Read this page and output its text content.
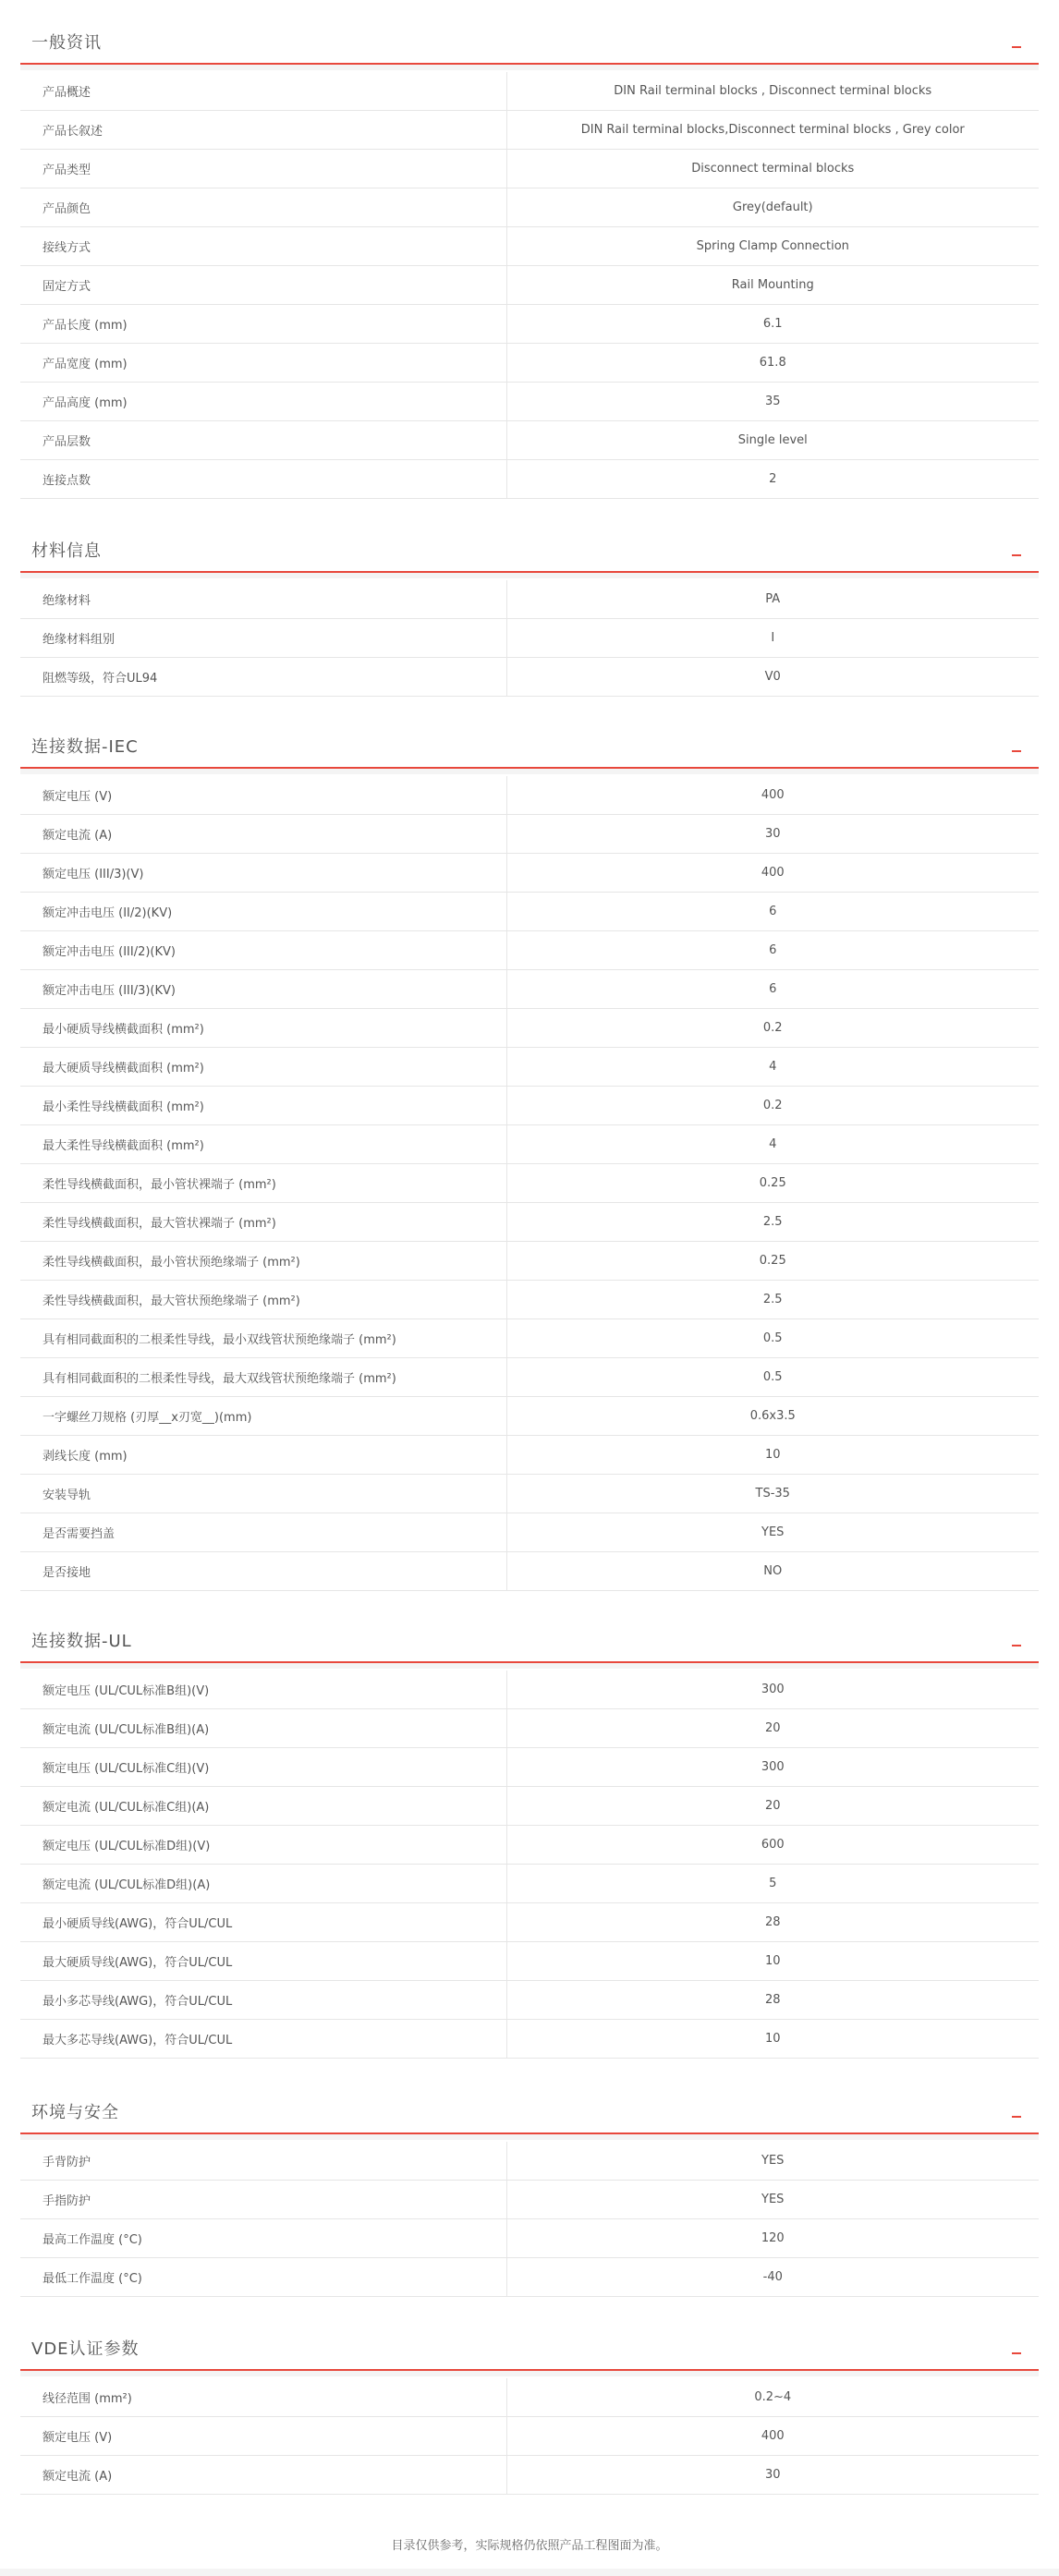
一般资讯
产品概述	DIN Rail terminal blocks , Disconnect terminal blocks
产品长叙述	DIN Rail terminal blocks,Disconnect terminal blocks , Grey color
产品类型	Disconnect terminal blocks
产品颜色	Grey(default)
接线方式	Spring Clamp Connection
固定方式	Rail Mounting
产品长度 (mm)	6.1
产品宽度 (mm)	61.8
产品高度 (mm)	35
产品层数	Single level
连接点数	2
材料信息
绝缘材料	PA
绝缘材料组别	I
阻燃等级，符合UL94	V0
连接数据-IEC
额定电压 (V)	400
额定电流 (A)	30
额定电压 (III/3)(V)	400
额定冲击电压 (II/2)(KV)	6
额定冲击电压 (III/2)(KV)	6
额定冲击电压 (III/3)(KV)	6
最小硬质导线横截面积 (mm²)	0.2
最大硬质导线横截面积 (mm²)	4
最小柔性导线横截面积 (mm²)	0.2
最大柔性导线横截面积 (mm²)	4
柔性导线横截面积，最小管状裸端子 (mm²)	0.25
柔性导线横截面积，最大管状裸端子 (mm²)	2.5
柔性导线横截面积，最小管状预绝缘端子 (mm²)	0.25
柔性导线横截面积，最大管状预绝缘端子 (mm²)	2.5
具有相同截面积的二根柔性导线，最小双线管状预绝缘端子 (mm²)	0.5
具有相同截面积的二根柔性导线，最大双线管状预绝缘端子 (mm²)	0.5
一字螺丝刀规格 (刃厚__x刃宽__)(mm)	0.6x3.5
剥线长度 (mm)	10
安装导轨	TS-35
是否需要挡盖	YES
是否接地	NO
连接数据-UL
额定电压 (UL/CUL标准B组)(V)	300
额定电流 (UL/CUL标准B组)(A)	20
额定电压 (UL/CUL标准C组)(V)	300
额定电流 (UL/CUL标准C组)(A)	20
额定电压 (UL/CUL标准D组)(V)	600
额定电流 (UL/CUL标准D组)(A)	5
最小硬质导线(AWG)，符合UL/CUL	28
最大硬质导线(AWG)，符合UL/CUL	10
最小多芯导线(AWG)，符合UL/CUL	28
最大多芯导线(AWG)，符合UL/CUL	10
环境与安全
手背防护	YES
手指防护	YES
最高工作温度 (°C)	120
最低工作温度 (°C)	-40
VDE认证参数
线径范围 (mm²)	0.2~4
额定电压 (V)	400
额定电流 (A)	30
目录仅供参考，实际规格仍依照产品工程图面为准。
